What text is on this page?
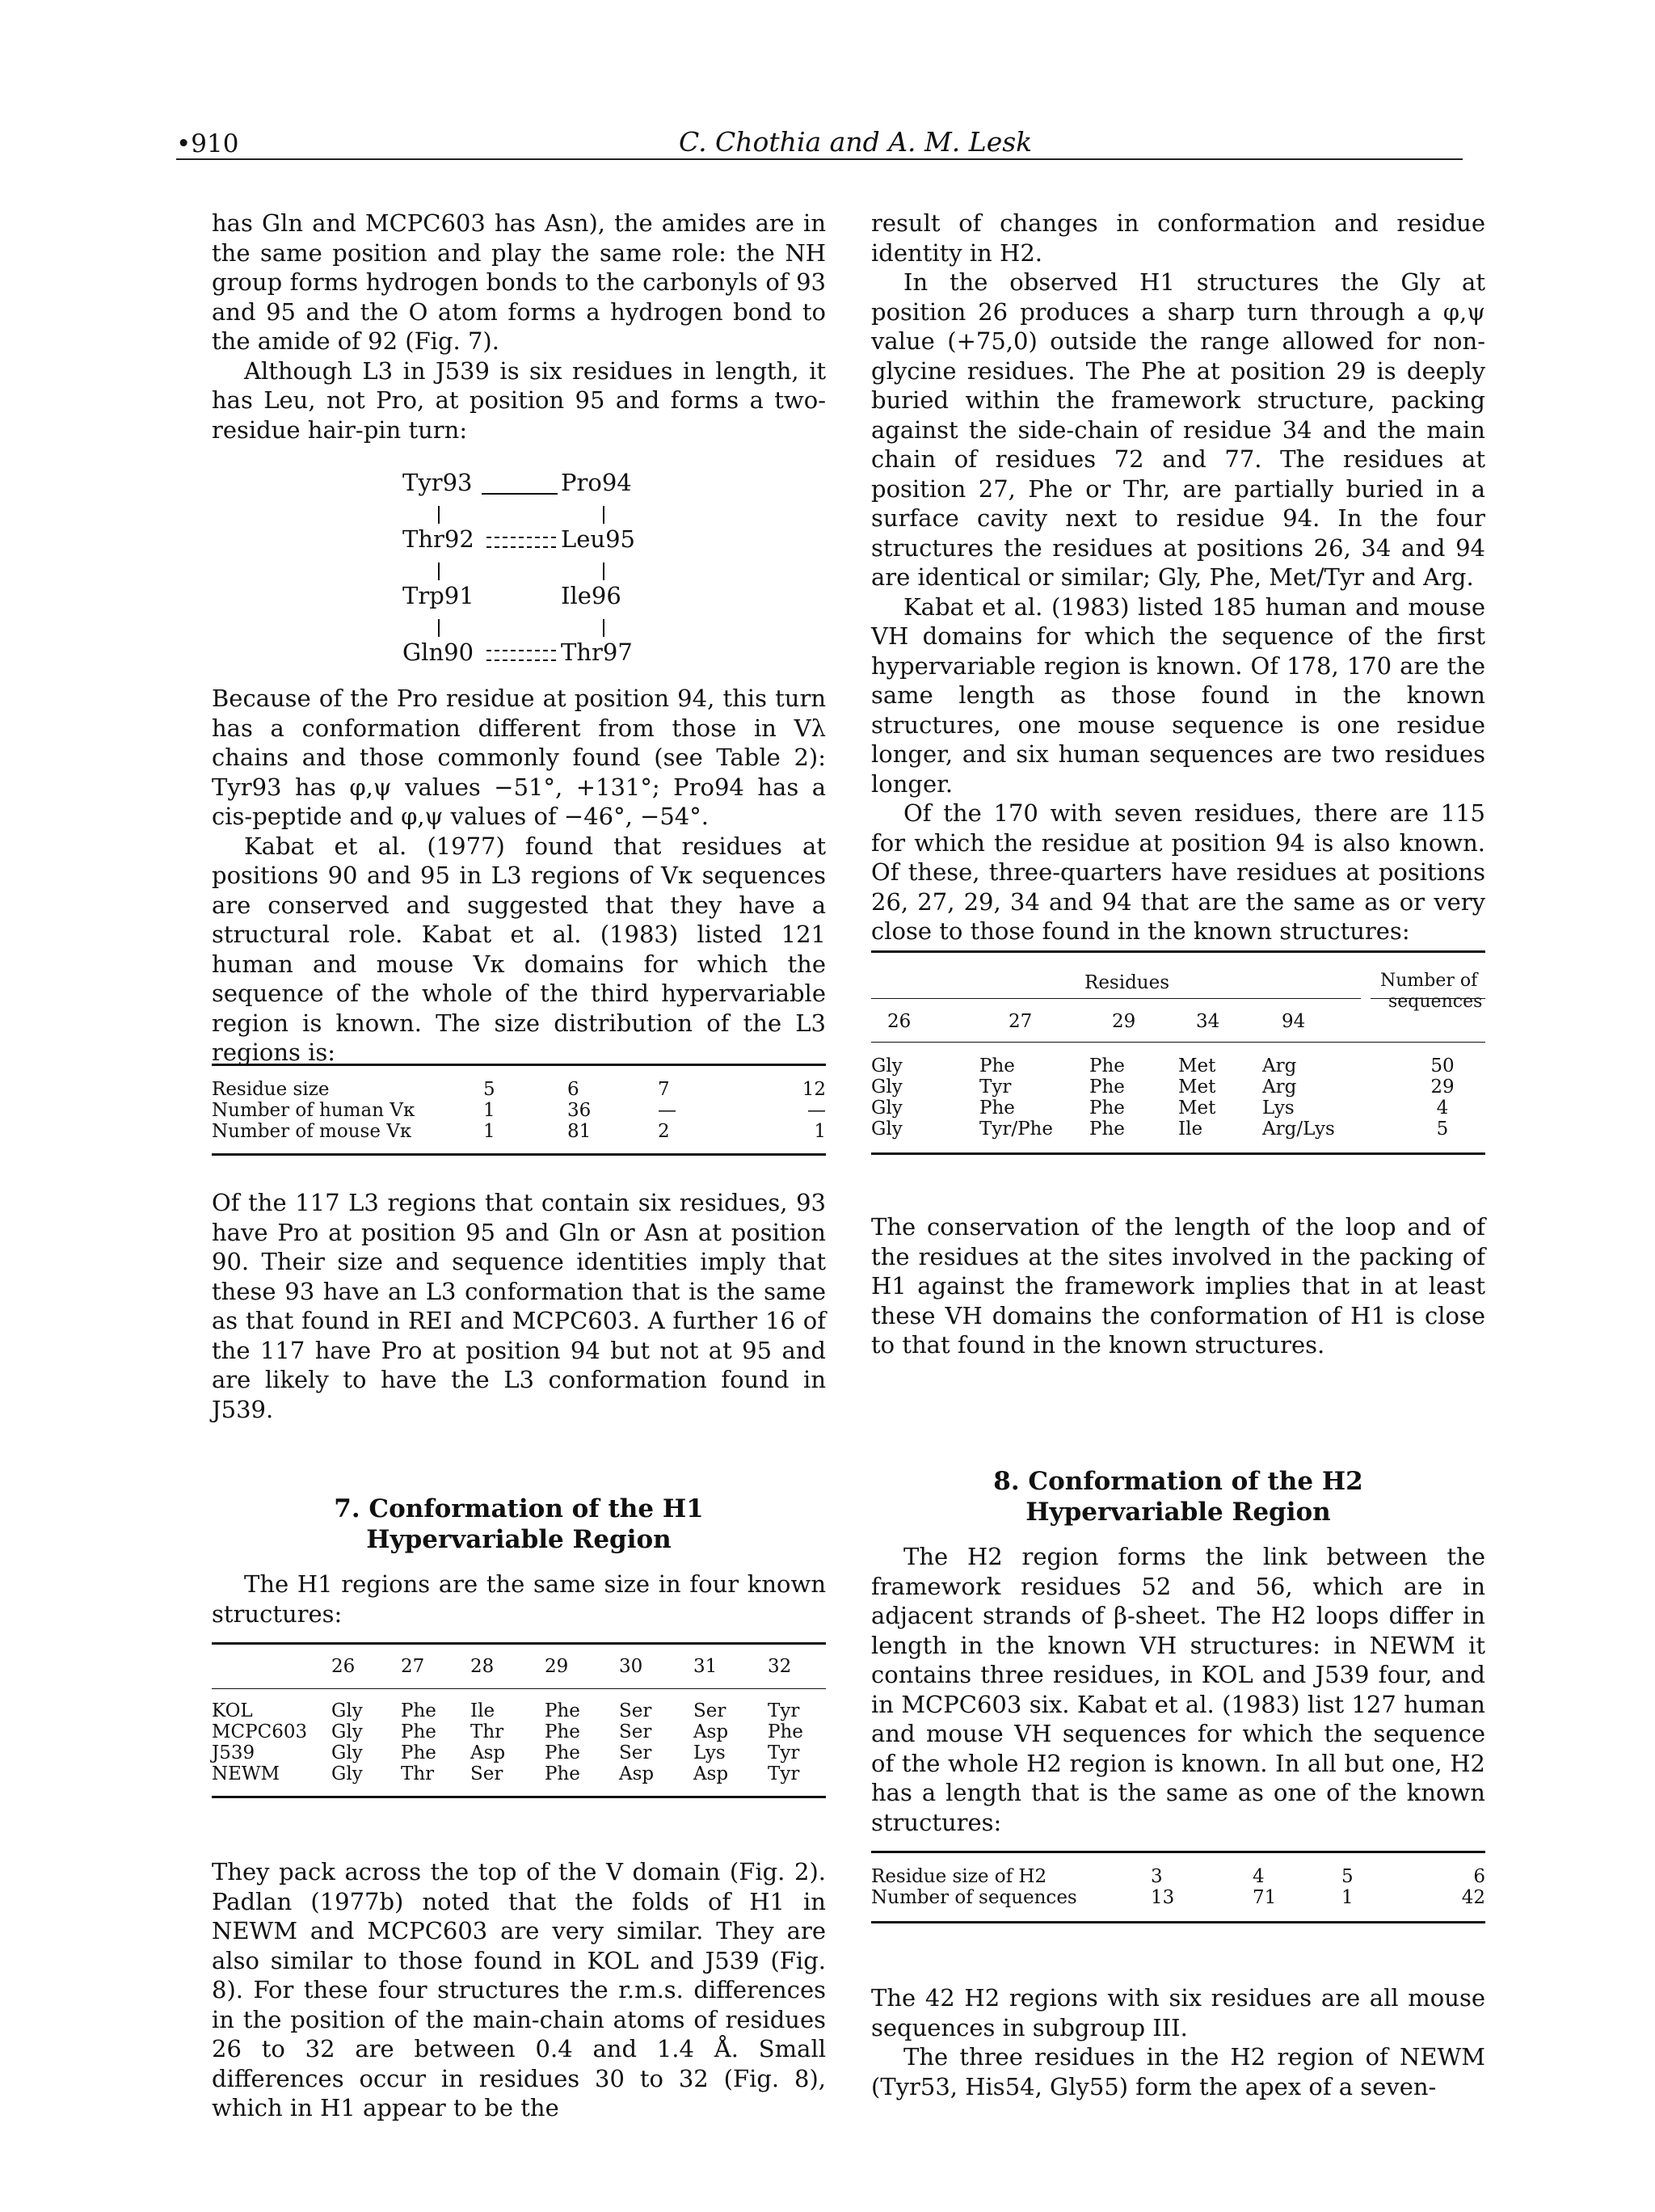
•910	C. Chothia and A. M. Lesk

has Gln and MCPC603 has Asn), the amides are in the same position and play the same role: the NH group forms hydrogen bonds to the carbonyls of 93 and 95 and the O atom forms a hydrogen bond to the amide of 92 (Fig. 7).

Although L3 in J539 is six residues in length, it has Leu, not Pro, at position 95 and forms a two-residue hair-pin turn:

Tyr93	Pro94
Thr92	Leu95
Trp91	Ile96
Gln90	Thr97

Because of the Pro residue at position 94, this turn has a conformation different from those in Vλ chains and those commonly found (see Table 2): Tyr93 has φ,ψ values −51°, +131°; Pro94 has a cis-peptide and φ,ψ values of −46°, −54°.

Kabat et al. (1977) found that residues at positions 90 and 95 in L3 regions of Vκ sequences are conserved and suggested that they have a structural role. Kabat et al. (1983) listed 121 human and mouse Vκ domains for which the sequence of the whole of the third hypervariable region is known. The size distribution of the L3 regions is:

Residue size	5	6	7	12
Number of human Vκ	1	36	—	—
Number of mouse Vκ	1	81	2	1

Of the 117 L3 regions that contain six residues, 93 have Pro at position 95 and Gln or Asn at position 90. Their size and sequence identities imply that these 93 have an L3 conformation that is the same as that found in REI and MCPC603. A further 16 of the 117 have Pro at position 94 but not at 95 and are likely to have the L3 conformation found in J539.

7. Conformation of the H1
Hypervariable Region

The H1 regions are the same size in four known structures:

	26	27	28	29	30	31	32
KOL	Gly	Phe	Ile	Phe	Ser	Ser	Tyr
MCPC603	Gly	Phe	Thr	Phe	Ser	Asp	Phe
J539	Gly	Phe	Asp	Phe	Ser	Lys	Tyr
NEWM	Gly	Thr	Ser	Phe	Asp	Asp	Tyr

They pack across the top of the V domain (Fig. 2). Padlan (1977b) noted that the folds of H1 in NEWM and MCPC603 are very similar. They are also similar to those found in KOL and J539 (Fig. 8). For these four structures the r.m.s. differences in the position of the main-chain atoms of residues 26 to 32 are between 0.4 and 1.4 Å. Small differences occur in residues 30 to 32 (Fig. 8), which in H1 appear to be the

result of changes in conformation and residue identity in H2.

In the observed H1 structures the Gly at position 26 produces a sharp turn through a φ,ψ value (+75,0) outside the range allowed for non-glycine residues. The Phe at position 29 is deeply buried within the framework structure, packing against the side-chain of residue 34 and the main chain of residues 72 and 77. The residues at position 27, Phe or Thr, are partially buried in a surface cavity next to residue 94. In the four structures the residues at positions 26, 34 and 94 are identical or similar; Gly, Phe, Met/Tyr and Arg.

Kabat et al. (1983) listed 185 human and mouse VH domains for which the sequence of the first hypervariable region is known. Of 178, 170 are the same length as those found in the known structures, one mouse sequence is one residue longer, and six human sequences are two residues longer.

Of the 170 with seven residues, there are 115 for which the residue at position 94 is also known. Of these, three-quarters have residues at positions 26, 27, 29, 34 and 94 that are the same as or very close to those found in the known structures:

Residues	Number of
sequences
26	27	29	34	94
Gly	Phe	Phe	Met	Arg	50
Gly	Tyr	Phe	Met	Arg	29
Gly	Phe	Phe	Met	Lys	4
Gly	Tyr/Phe	Phe	Ile	Arg/Lys	5

The conservation of the length of the loop and of the residues at the sites involved in the packing of H1 against the framework implies that in at least these VH domains the conformation of H1 is close to that found in the known structures.

8. Conformation of the H2
Hypervariable Region

The H2 region forms the link between the framework residues 52 and 56, which are in adjacent strands of β-sheet. The H2 loops differ in length in the known VH structures: in NEWM it contains three residues, in KOL and J539 four, and in MCPC603 six. Kabat et al. (1983) list 127 human and mouse VH sequences for which the sequence of the whole H2 region is known. In all but one, H2 has a length that is the same as one of the known structures:

Residue size of H2	3	4	5	6
Number of sequences	13	71	1	42

The 42 H2 regions with six residues are all mouse sequences in subgroup III.

The three residues in the H2 region of NEWM (Tyr53, His54, Gly55) form the apex of a seven-
